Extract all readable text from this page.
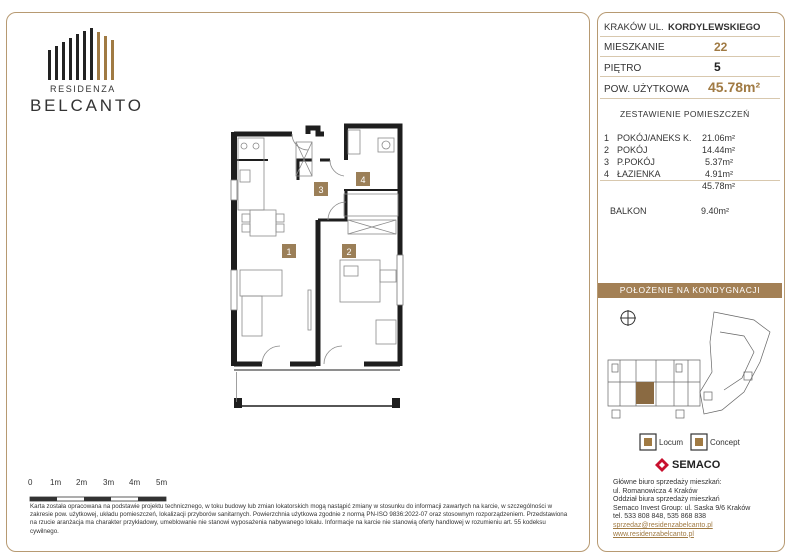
RESIDENZA
BELCANTO
1	2
3
4
0 1m 2m 3m 4m 5m
Karta została opracowana na podstawie projektu technicznego, w toku budowy lub zmian lokatorskich mogą nastąpić zmiany w stosunku do informacji zawartych na karcie, w szczególności w zakresie pow. użytkowej, układu pomieszczeń, lokalizacji przyborów sanitarnych. Powierzchnia użytkowa zgodnie z normą PN-ISO 9836:2022-07 oraz stosownym rozporządzeniem. Przedstawiona na rzucie aranżacja ma charakter przykładowy, umeblowanie nie stanowi wyposażenia nabywanego lokalu. Informacje na karcie nie stanowią oferty handlowej w rozumieniu art. 55 kodeksu cywilnego.
KRAKÓW UL. KORDYLEWSKIEGO
MIESZKANIE	22
PIĘTRO	5
POW. UŻYTKOWA 45.78m²
ZESTAWIENIE POMIESZCZEŃ
1 POKÓJ/ANEKS K. 21.06m²
2 POKÓJ	14.44m²
3 P.POKÓJ	5.37m²
4 ŁAZIENKA	4.91m²
45.78m²
BALKON	9.40m²
POŁOŻENIE NA KONDYGNACJI
Locum	Concept
SEMACO
Główne biuro sprzedaży mieszkań:
ul. Romanowicza 4 Kraków
Oddział biura sprzedaży mieszkań
Semaco Invest Group: ul. Saska 9/6 Kraków
tel. 533 808 848, 535 868 838
sprzedaz@residenzabelcanto.pl
www.residenzabelcanto.pl
